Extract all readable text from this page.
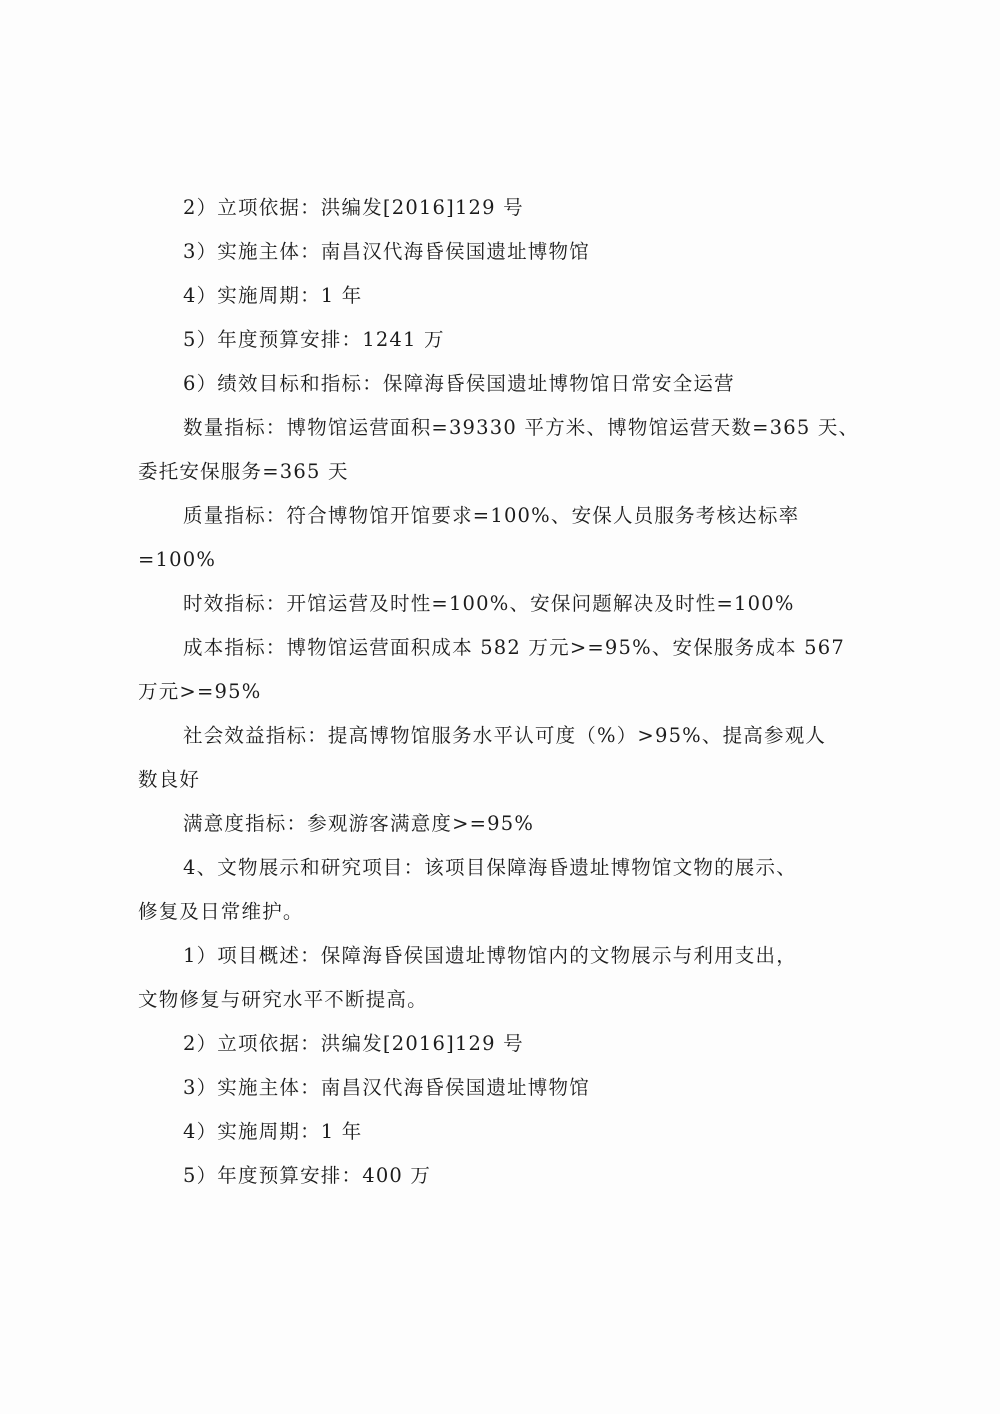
2）立项依据：洪编发[2016]129 号
3）实施主体：南昌汉代海昏侯国遗址博物馆
4）实施周期：1 年
5）年度预算安排：1241 万
6）绩效目标和指标：保障海昏侯国遗址博物馆日常安全运营
数量指标：博物馆运营面积=39330 平方米、博物馆运营天数=365 天、
委托安保服务=365 天
质量指标：符合博物馆开馆要求=100%、安保人员服务考核达标率
=100%
时效指标：开馆运营及时性=100%、安保问题解决及时性=100%
成本指标：博物馆运营面积成本 582 万元>=95%、安保服务成本 567
万元>=95%
社会效益指标：提高博物馆服务水平认可度（%）>95%、提高参观人
数良好
满意度指标：参观游客满意度>=95%
4、文物展示和研究项目：该项目保障海昏遗址博物馆文物的展示、
修复及日常维护。
1）项目概述：保障海昏侯国遗址博物馆内的文物展示与利用支出，
文物修复与研究水平不断提高。
2）立项依据：洪编发[2016]129 号
3）实施主体：南昌汉代海昏侯国遗址博物馆
4）实施周期：1 年
5）年度预算安排：400 万
